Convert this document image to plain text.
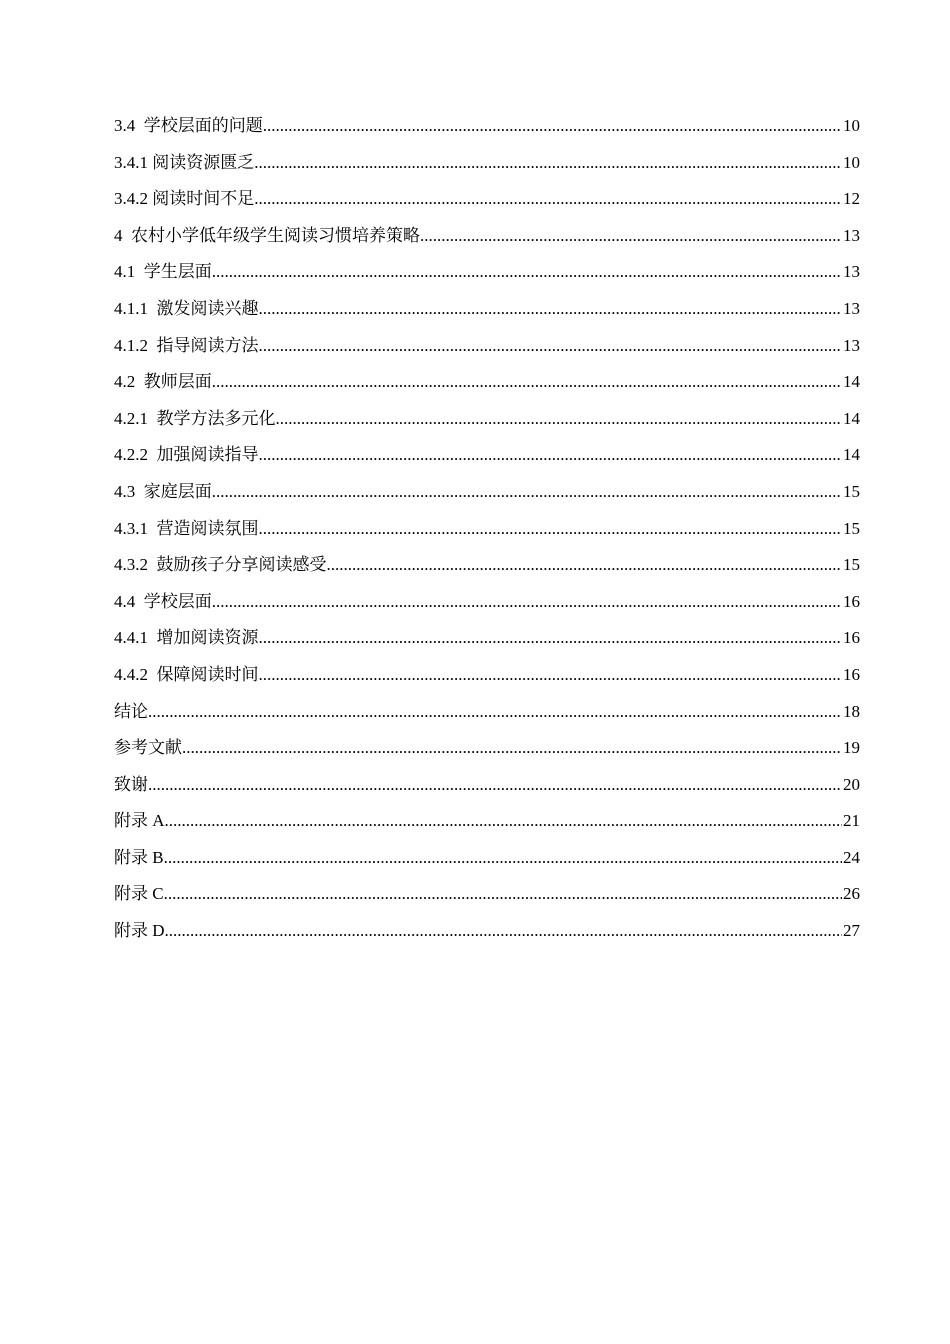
3.4  学校层面的问题 .....	10
3.4.1 阅读资源匮乏 .....	10
3.4.2 阅读时间不足 .....	12
4  农村小学低年级学生阅读习惯培养策略 .....	13
4.1  学生层面 .....	13
4.1.1  激发阅读兴趣 .....	13
4.1.2  指导阅读方法 .....	13
4.2  教师层面 .....	14
4.2.1  教学方法多元化 .....	14
4.2.2  加强阅读指导 .....	14
4.3  家庭层面 .....	15
4.3.1  营造阅读氛围 .....	15
4.3.2  鼓励孩子分享阅读感受 .....	15
4.4  学校层面 .....	16
4.4.1  增加阅读资源 .....	16
4.4.2  保障阅读时间 .....	16
结论 .....	18
参考文献 .....	19
致谢 .....	20
附录 A .....	21
附录 B .....	24
附录 C .....	26
附录 D .....	27
